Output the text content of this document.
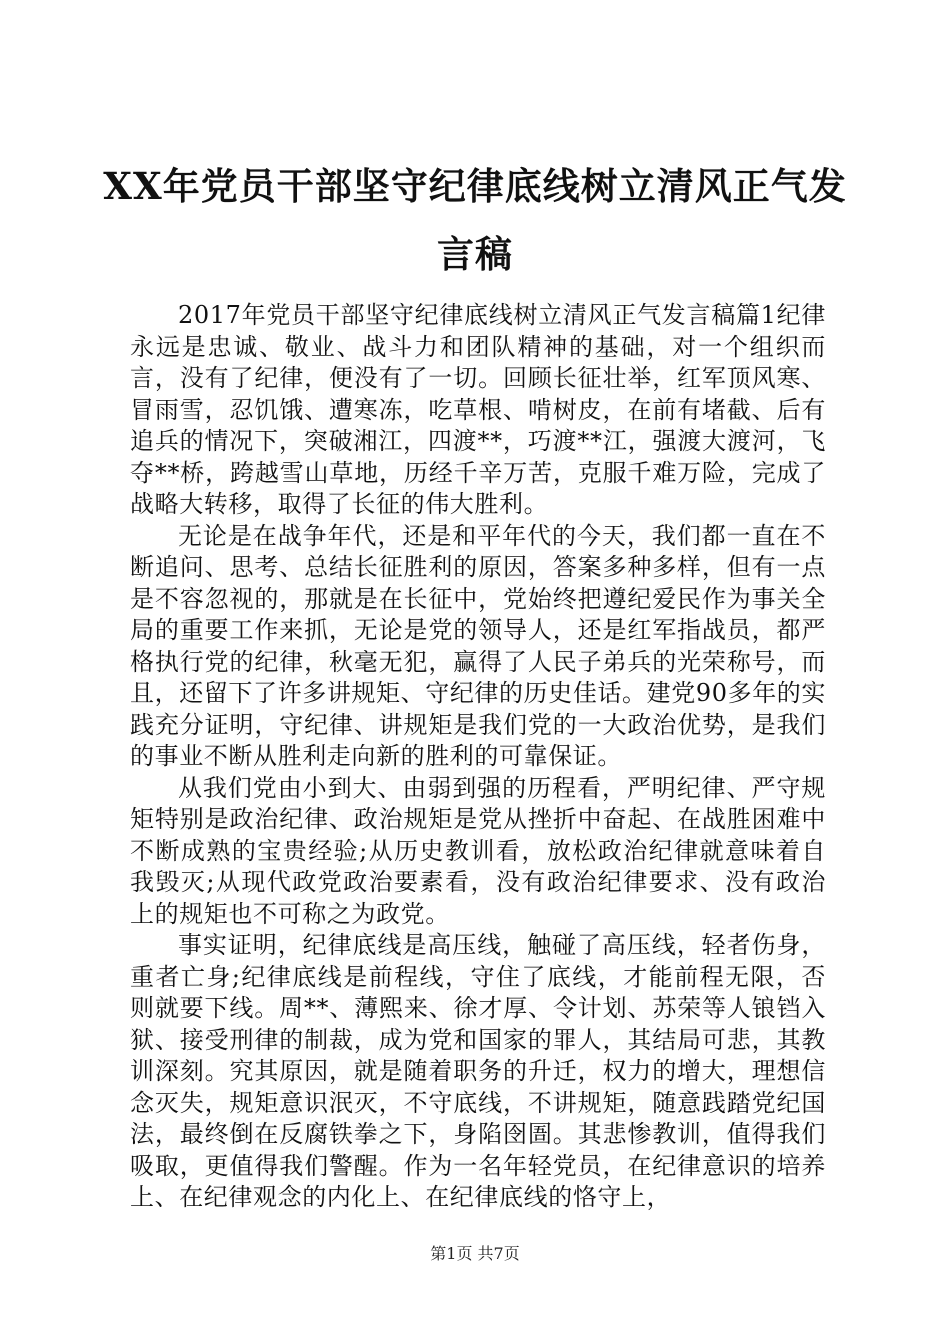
XX年党员干部坚守纪律底线树立清风正气发言稿

2017年党员干部坚守纪律底线树立清风正气发言稿篇1纪律永远是忠诚、敬业、战斗力和团队精神的基础，对一个组织而言，没有了纪律，便没有了一切。回顾长征壮举，红军顶风寒、冒雨雪，忍饥饿、遭寒冻，吃草根、啃树皮，在前有堵截、后有追兵的情况下，突破湘江，四渡**，巧渡**江，强渡大渡河，飞夺**桥，跨越雪山草地，历经千辛万苦，克服千难万险，完成了战略大转移，取得了长征的伟大胜利。

无论是在战争年代，还是和平年代的今天，我们都一直在不断追问、思考、总结长征胜利的原因，答案多种多样，但有一点是不容忽视的，那就是在长征中，党始终把遵纪爱民作为事关全局的重要工作来抓，无论是党的领导人，还是红军指战员，都严格执行党的纪律，秋毫无犯，赢得了人民子弟兵的光荣称号，而且，还留下了许多讲规矩、守纪律的历史佳话。建党90多年的实践充分证明，守纪律、讲规矩是我们党的一大政治优势，是我们的事业不断从胜利走向新的胜利的可靠保证。

从我们党由小到大、由弱到强的历程看，严明纪律、严守规矩特别是政治纪律、政治规矩是党从挫折中奋起、在战胜困难中不断成熟的宝贵经验;从历史教训看，放松政治纪律就意味着自我毁灭;从现代政党政治要素看，没有政治纪律要求、没有政治上的规矩也不可称之为政党。

事实证明，纪律底线是高压线，触碰了高压线，轻者伤身，重者亡身;纪律底线是前程线，守住了底线，才能前程无限，否则就要下线。周**、薄熙来、徐才厚、令计划、苏荣等人锒铛入狱、接受刑律的制裁，成为党和国家的罪人，其结局可悲，其教训深刻。究其原因，就是随着职务的升迁，权力的增大，理想信念灭失，规矩意识泯灭，不守底线，不讲规矩，随意践踏党纪国法，最终倒在反腐铁拳之下，身陷囹圄。其悲惨教训，值得我们吸取，更值得我们警醒。作为一名年轻党员，在纪律意识的培养上、在纪律观念的内化上、在纪律底线的恪守上，

第1页 共7页
